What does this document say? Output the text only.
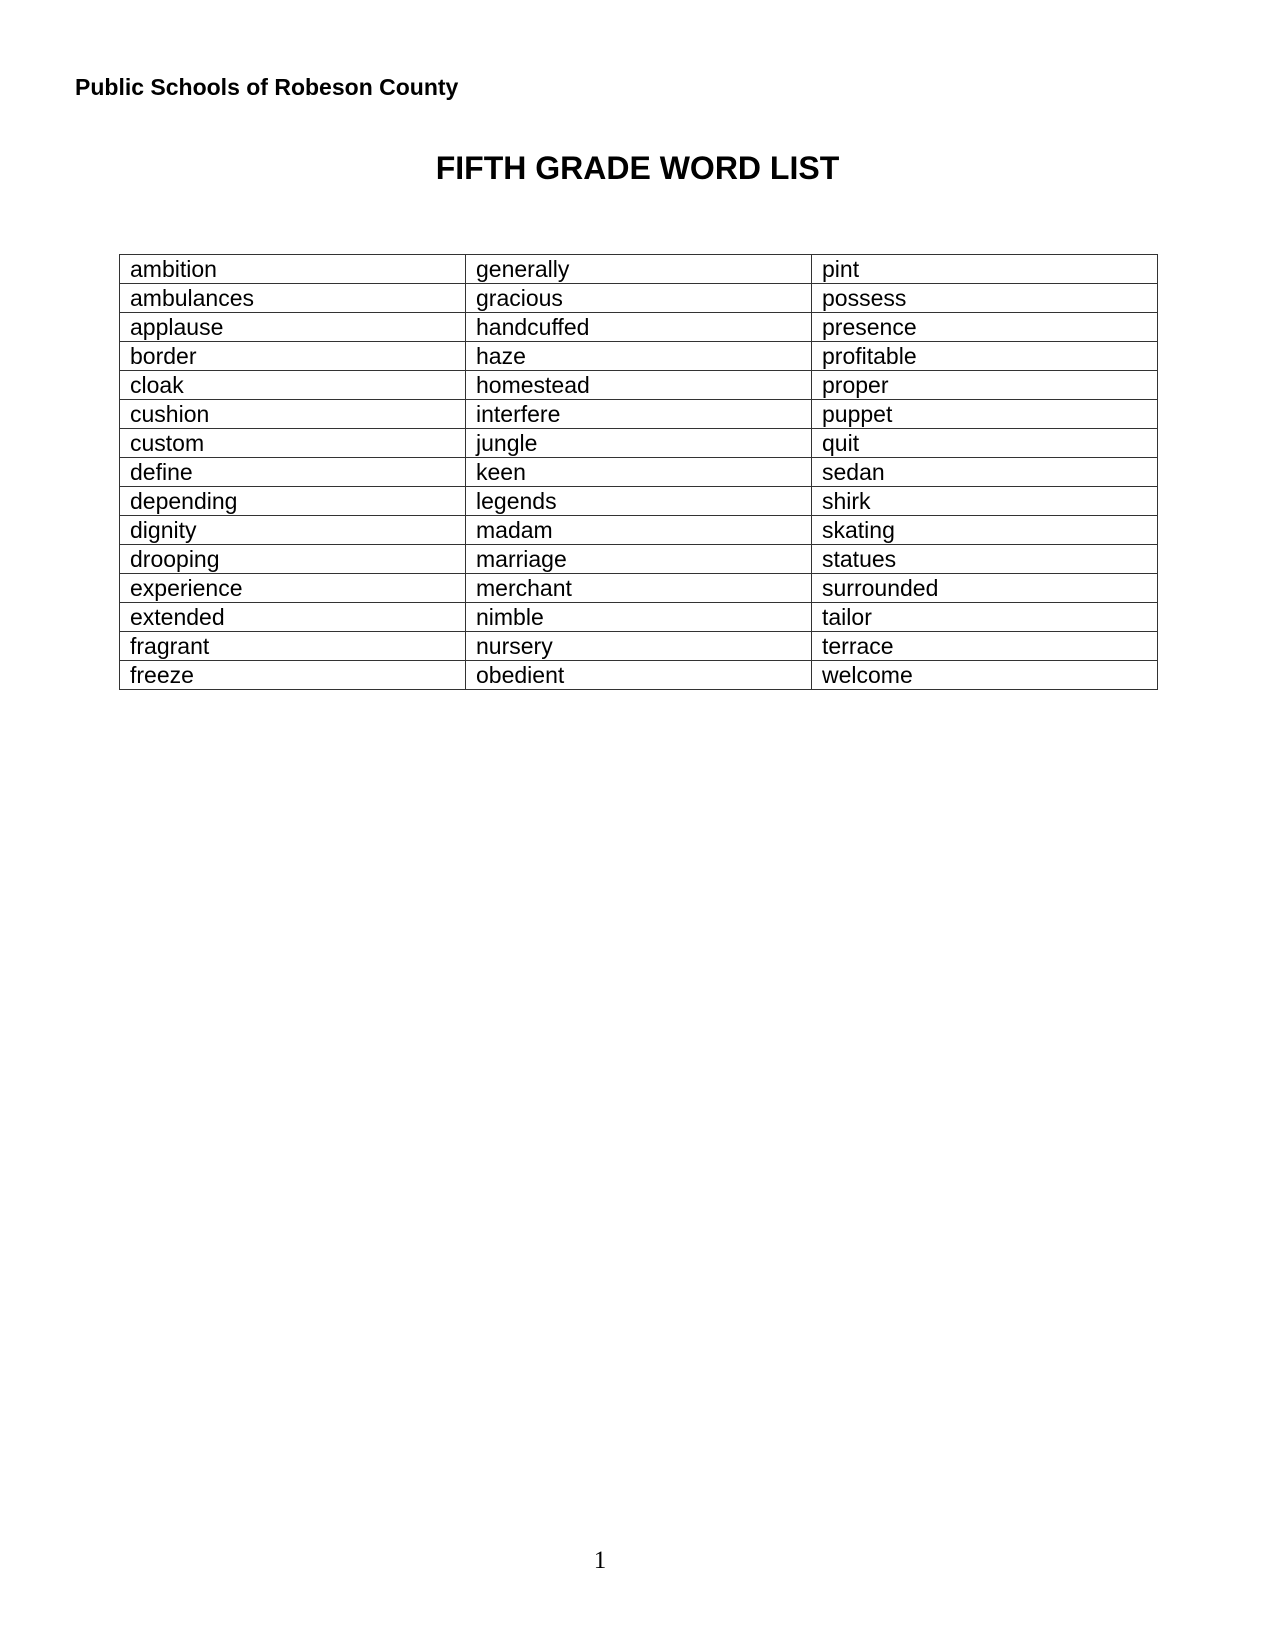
Public Schools of Robeson County
FIFTH GRADE WORD LIST
ambition	generally	pint
ambulances	gracious	possess
applause	handcuffed	presence
border	haze	profitable
cloak	homestead	proper
cushion	interfere	puppet
custom	jungle	quit
define	keen	sedan
depending	legends	shirk
dignity	madam	skating
drooping	marriage	statues
experience	merchant	surrounded
extended	nimble	tailor
fragrant	nursery	terrace
freeze	obedient	welcome
1
